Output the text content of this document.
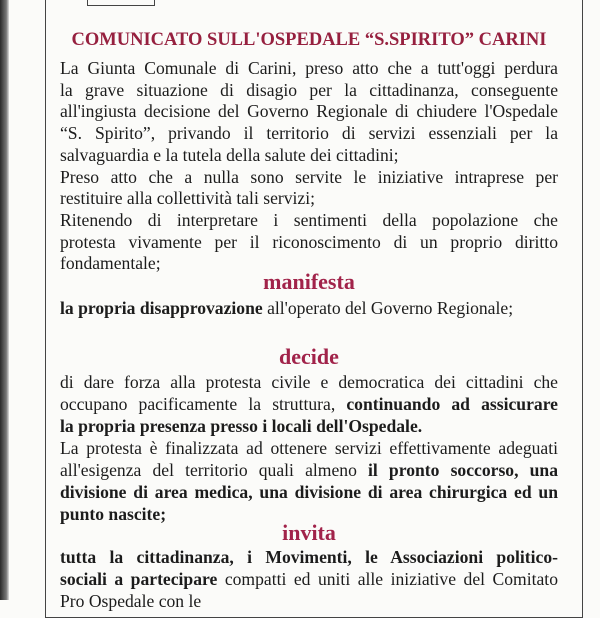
COMUNICATO SULL'OSPEDALE “S.SPIRITO” CARINI
La Giunta Comunale di Carini, preso atto che a tutt'oggi perdura
la grave situazione di disagio per la cittadinanza, conseguente
all'ingiusta decisione del Governo Regionale di chiudere l'Ospedale
“S. Spirito”, privando il territorio di servizi essenziali per la
salvaguardia e la tutela della salute dei cittadini;
Preso atto che a nulla sono servite le iniziative intraprese per
restituire alla collettività tali servizi;
Ritenendo di interpretare i sentimenti della popolazione che
protesta vivamente per il riconoscimento di un proprio diritto
fondamentale;
manifesta
la propria disapprovazione all'operato del Governo Regionale;
decide
di dare forza alla protesta civile e democratica dei cittadini che
occupano pacificamente la struttura, continuando ad assicurare
la propria presenza presso i locali dell'Ospedale.
La protesta è finalizzata ad ottenere servizi effettivamente adeguati
all'esigenza del territorio quali almeno il pronto soccorso, una
divisione di area medica, una divisione di area chirurgica ed un
punto nascite;
invita
tutta la cittadinanza, i Movimenti, le Associazioni politico-
sociali a partecipare compatti ed uniti alle iniziative del Comitato
Pro Ospedale con le
